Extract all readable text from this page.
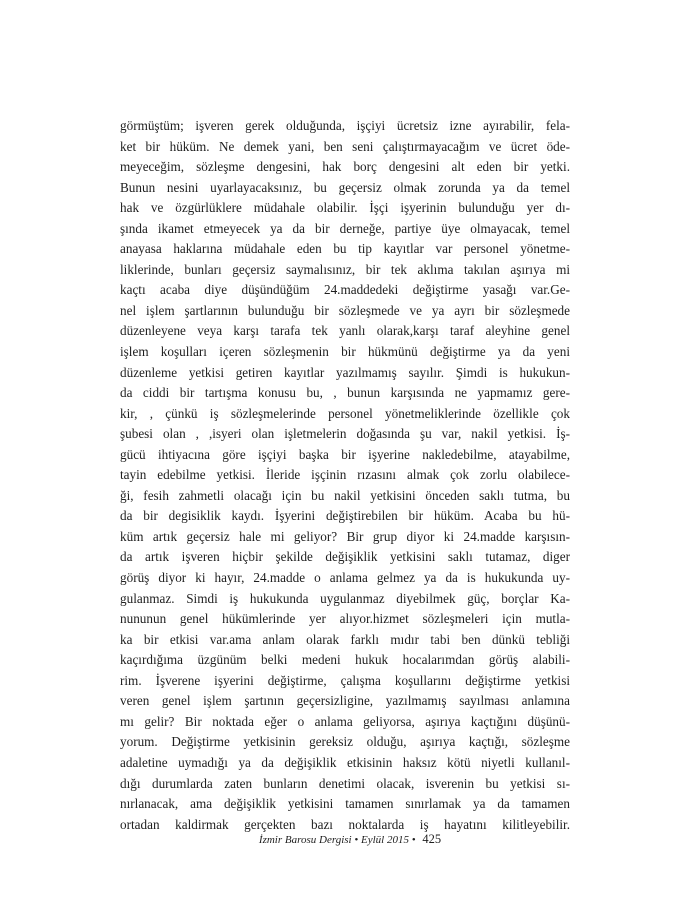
görmüştüm; işveren gerek olduğunda, işçiyi ücretsiz izne ayırabilir, fela-
ket bir hüküm. Ne demek yani, ben seni çalıştırmayacağım ve ücret öde-
meyeceğim, sözleşme dengesini, hak borç dengesini alt eden bir yetki.
Bunun nesini uyarlayacaksınız, bu geçersiz olmak zorunda ya da temel
hak ve özgürlüklere müdahale olabilir. İşçi işyerinin bulunduğu yer dı-
şında ikamet etmeyecek ya da bir derneğe, partiye üye olmayacak, temel
anayasa haklarına müdahale eden bu tip kayıtlar var personel yönetme-
liklerinde, bunları geçersiz saymalısınız, bir tek aklıma takılan aşırıya mi
kaçtı acaba diye düşündüğüm 24.maddedeki değiştirme yasağı var.Ge-
nel işlem şartlarının bulunduğu bir sözleşmede ve ya ayrı bir sözleşmede
düzenleyene veya karşı tarafa tek yanlı olarak,karşı taraf aleyhine genel
işlem koşulları içeren sözleşmenin bir hükmünü değiştirme ya da yeni
düzenleme yetkisi getiren kayıtlar yazılmamış sayılır. Şimdi is hukukun-
da ciddi bir tartışma konusu bu, , bunun karşısında ne yapmamız gere-
kir, , çünkü iş sözleşmelerinde personel yönetmeliklerinde özellikle çok
şubesi olan , ,isyeri olan işletmelerin doğasında şu var, nakil yetkisi. İş-
gücü ihtiyacına göre işçiyi başka bir işyerine nakledebilme, atayabilme,
tayin edebilme yetkisi. İleride işçinin rızasını almak çok zorlu olabilece-
ği, fesih zahmetli olacağı için bu nakil yetkisini önceden saklı tutma, bu
da bir degisiklik kaydı. İşyerini değiştirebilen bir hüküm. Acaba bu hü-
küm artık geçersiz hale mi geliyor? Bir grup diyor ki 24.madde karşısın-
da artık işveren hiçbir şekilde değişiklik yetkisini saklı tutamaz, diger
görüş diyor ki hayır, 24.madde o anlama gelmez ya da is hukukunda uy-
gulanmaz. Simdi iş hukukunda uygulanmaz diyebilmek güç, borçlar Ka-
nununun genel hükümlerinde yer alıyor.hizmet sözleşmeleri için mutla-
ka bir etkisi var.ama anlam olarak farklı mıdır tabi ben dünkü tebliği
kaçırdığıma üzgünüm belki medeni hukuk hocalarımdan görüş alabili-
rim. İşverene işyerini değiştirme, çalışma koşullarını değiştirme yetkisi
veren genel işlem şartının geçersizligine, yazılmamış sayılması anlamına
mı gelir? Bir noktada eğer o anlama geliyorsa, aşırıya kaçtığını düşünü-
yorum. Değiştirme yetkisinin gereksiz olduğu, aşırıya kaçtığı, sözleşme
adaletine uymadığı ya da değişiklik etkisinin haksız kötü niyetli kullanıl-
dığı durumlarda zaten bunların denetimi olacak, isverenin bu yetkisi sı-
nırlanacak, ama değişiklik yetkisini tamamen sınırlamak ya da tamamen
ortadan kaldirmak gerçekten bazı noktalarda iş hayatını kilitleyebilir.
İzmir Barosu Dergisi • Eylül 2015 • 425
